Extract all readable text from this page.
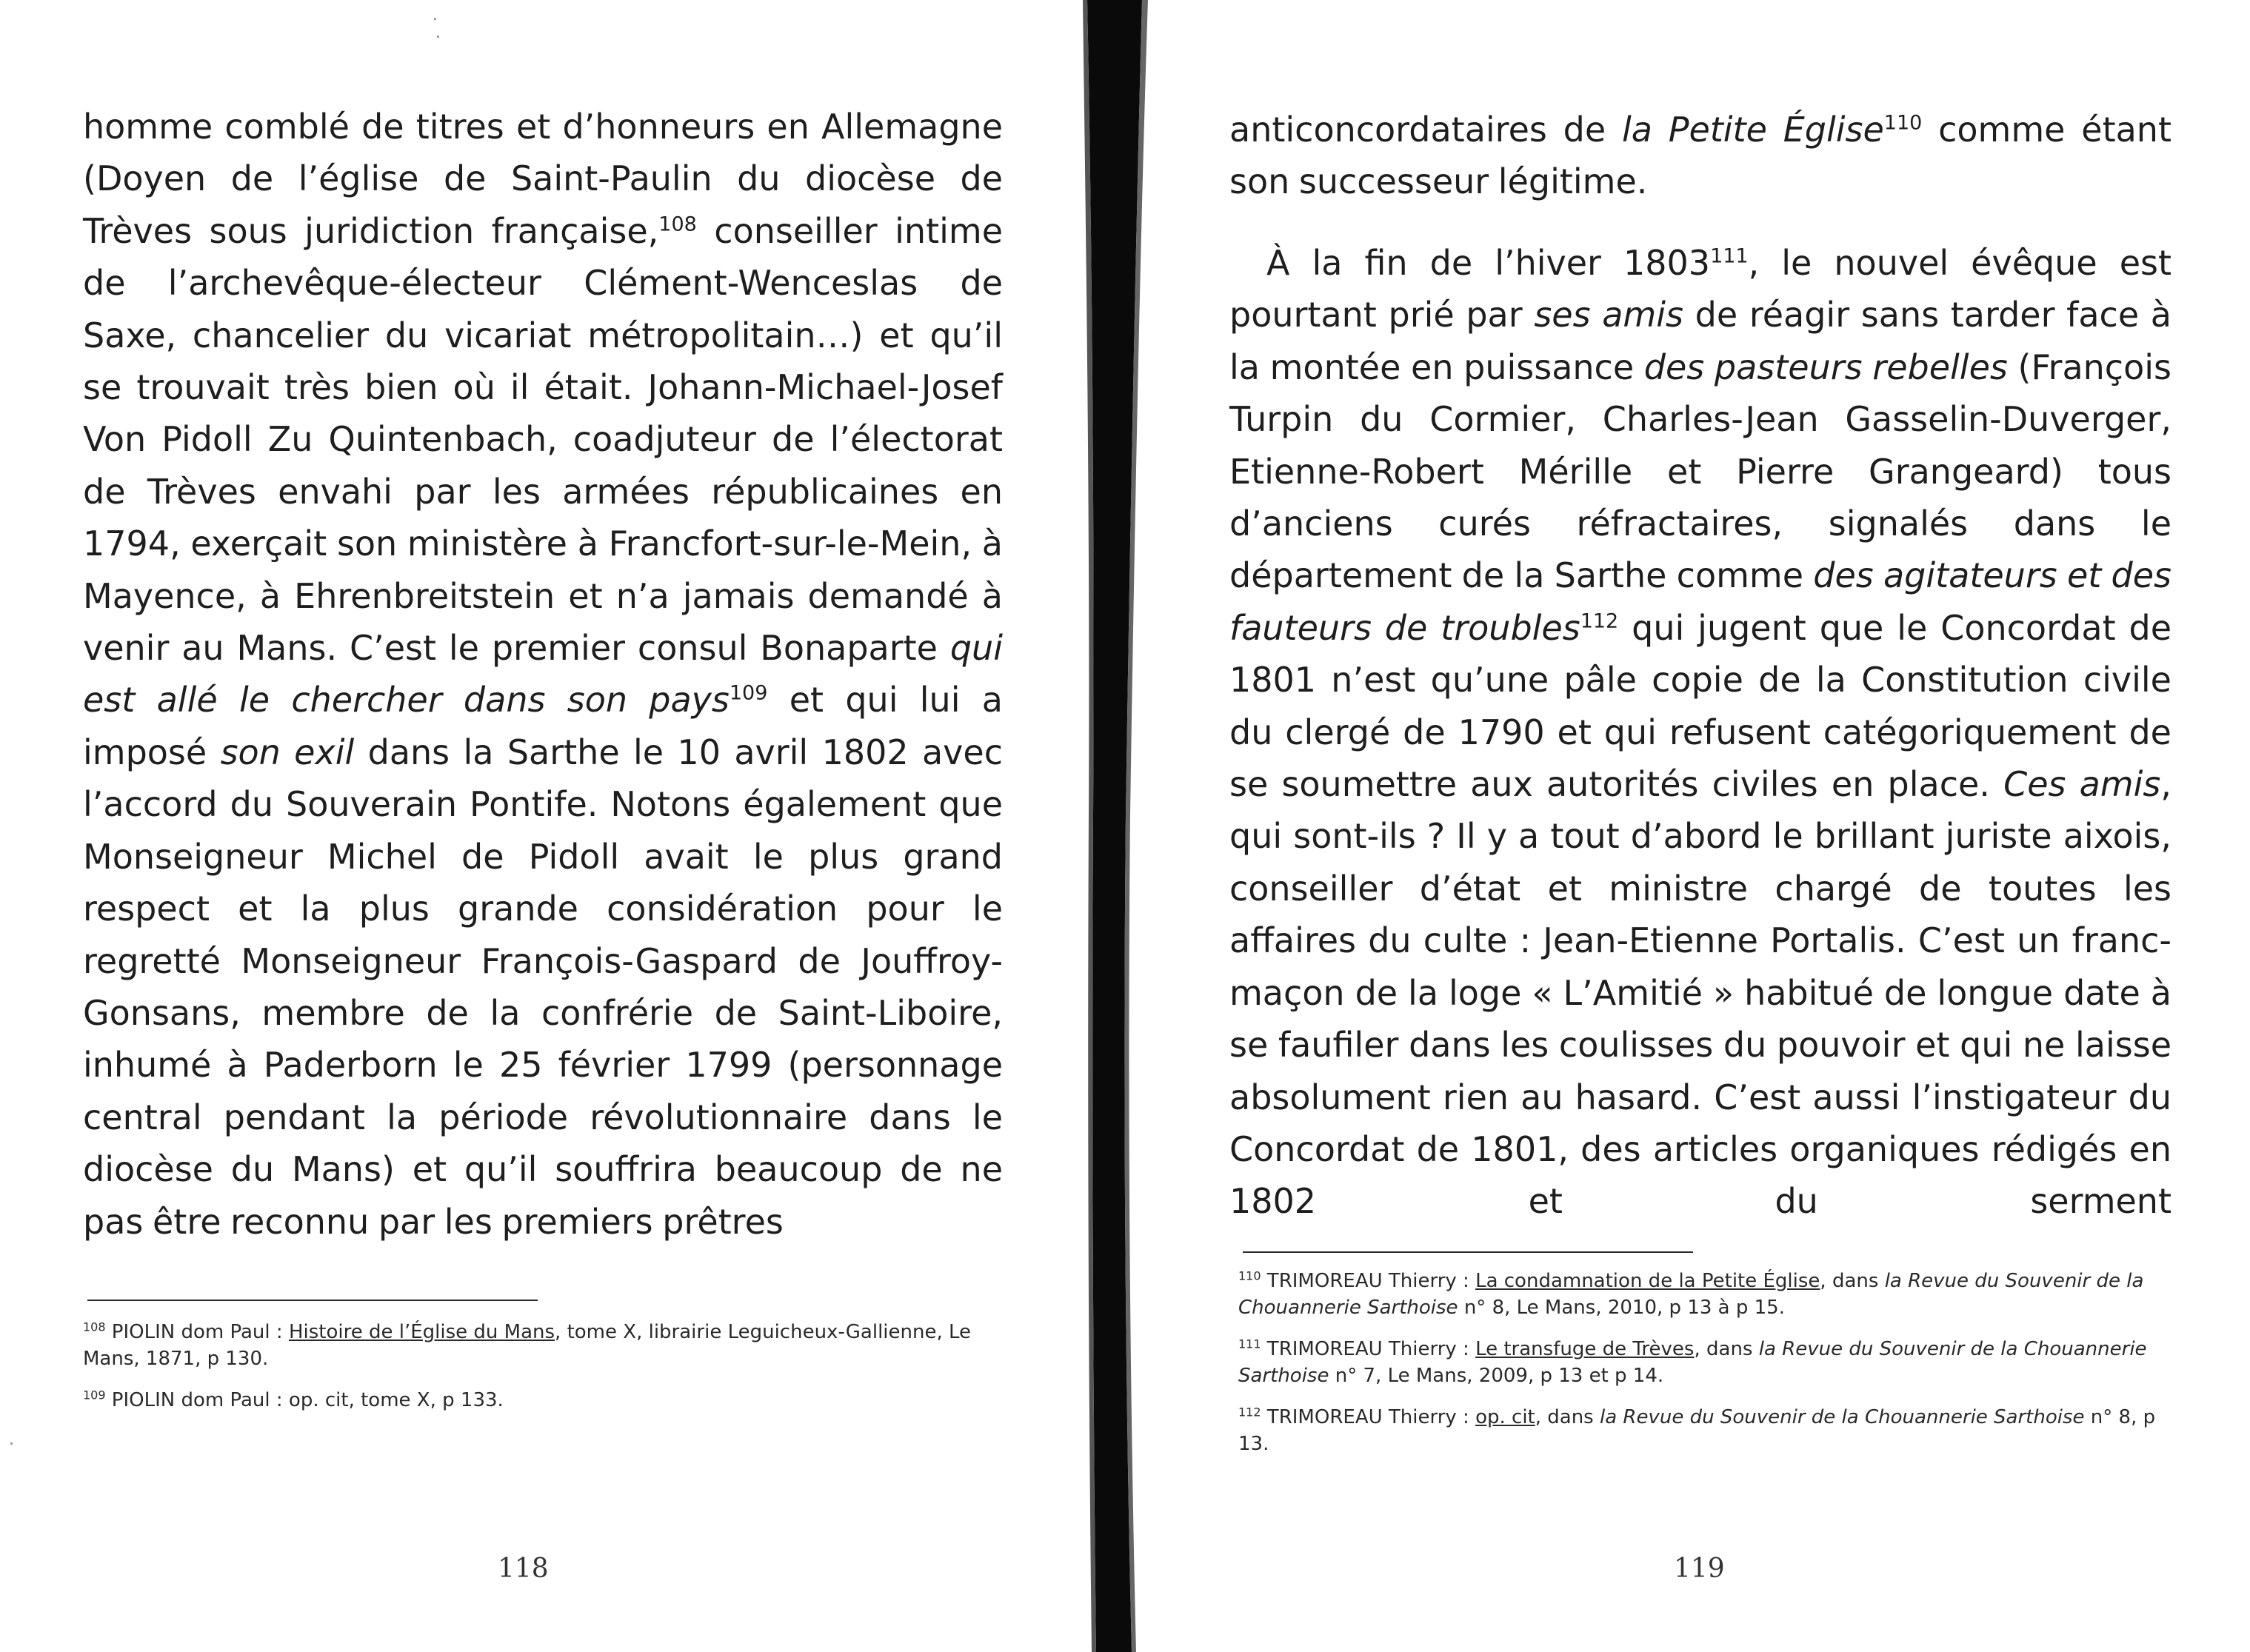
homme comblé de titres et d’honneurs en Allemagne (Doyen de l’église de Saint-Paulin du diocèse de Trèves sous juridiction française,$^{108}$ conseiller intime de l’archevêque-électeur Clément-Wenceslas de Saxe, chancelier du vicariat métropolitain…) et qu’il se trouvait très bien où il était. Johann-Michael-Josef Von Pidoll Zu Quintenbach, coadjuteur de l’électorat de Trèves envahi par les armées républicaines en 1794, exerçait son ministère à Francfort-sur-le-Mein, à Mayence, à Ehrenbreitstein et n’a jamais demandé à venir au Mans. C’est le premier consul Bonaparte qui est allé le chercher dans son pays$^{109}$ et qui lui a imposé son exil dans la Sarthe le 10 avril 1802 avec l’accord du Souverain Pontife. Notons également que Monseigneur Michel de Pidoll avait le plus grand respect et la plus grande considération pour le regretté Monseigneur François-Gaspard de Jouffroy-Gonsans, membre de la confrérie de Saint-Liboire, inhumé à Paderborn le 25 février 1799 (personnage central pendant la période révolutionnaire dans le diocèse du Mans) et qu’il souffrira beaucoup de ne pas être reconnu par les premiers prêtres

$^{108}$ PIOLIN dom Paul : Histoire de l’Église du Mans, tome X, librairie Leguicheux-Gallienne, Le Mans, 1871, p 130.

$^{109}$ PIOLIN dom Paul : op. cit, tome X, p 133.

118

anticoncordataires de la Petite Église$^{110}$ comme étant son successeur légitime.

À la fin de l’hiver 1803$^{111}$, le nouvel évêque est pourtant prié par ses amis de réagir sans tarder face à la montée en puissance des pasteurs rebelles (François Turpin du Cormier, Charles-Jean Gasselin-Duverger, Etienne-Robert Mérille et Pierre Grangeard) tous d’anciens curés réfractaires, signalés dans le département de la Sarthe comme des agitateurs et des fauteurs de troubles$^{112}$ qui jugent que le Concordat de 1801 n’est qu’une pâle copie de la Constitution civile du clergé de 1790 et qui refusent catégoriquement de se soumettre aux autorités civiles en place. Ces amis, qui sont-ils ? Il y a tout d’abord le brillant juriste aixois, conseiller d’état et ministre chargé de toutes les affaires du culte : Jean-Etienne Portalis. C’est un franc-maçon de la loge « L’Amitié » habitué de longue date à se faufiler dans les coulisses du pouvoir et qui ne laisse absolument rien au hasard. C’est aussi l’instigateur du Concordat de 1801, des articles organiques rédigés en 1802 et du serment

$^{110}$ TRIMOREAU Thierry : La condamnation de la Petite Église, dans la Revue du Souvenir de la Chouannerie Sarthoise n° 8, Le Mans, 2010, p 13 à p 15.

$^{111}$ TRIMOREAU Thierry : Le transfuge de Trèves, dans la Revue du Souvenir de la Chouannerie Sarthoise n° 7, Le Mans, 2009, p 13 et p 14.

$^{112}$ TRIMOREAU Thierry : op. cit, dans la Revue du Souvenir de la Chouannerie Sarthoise n° 8, p 13.

119
